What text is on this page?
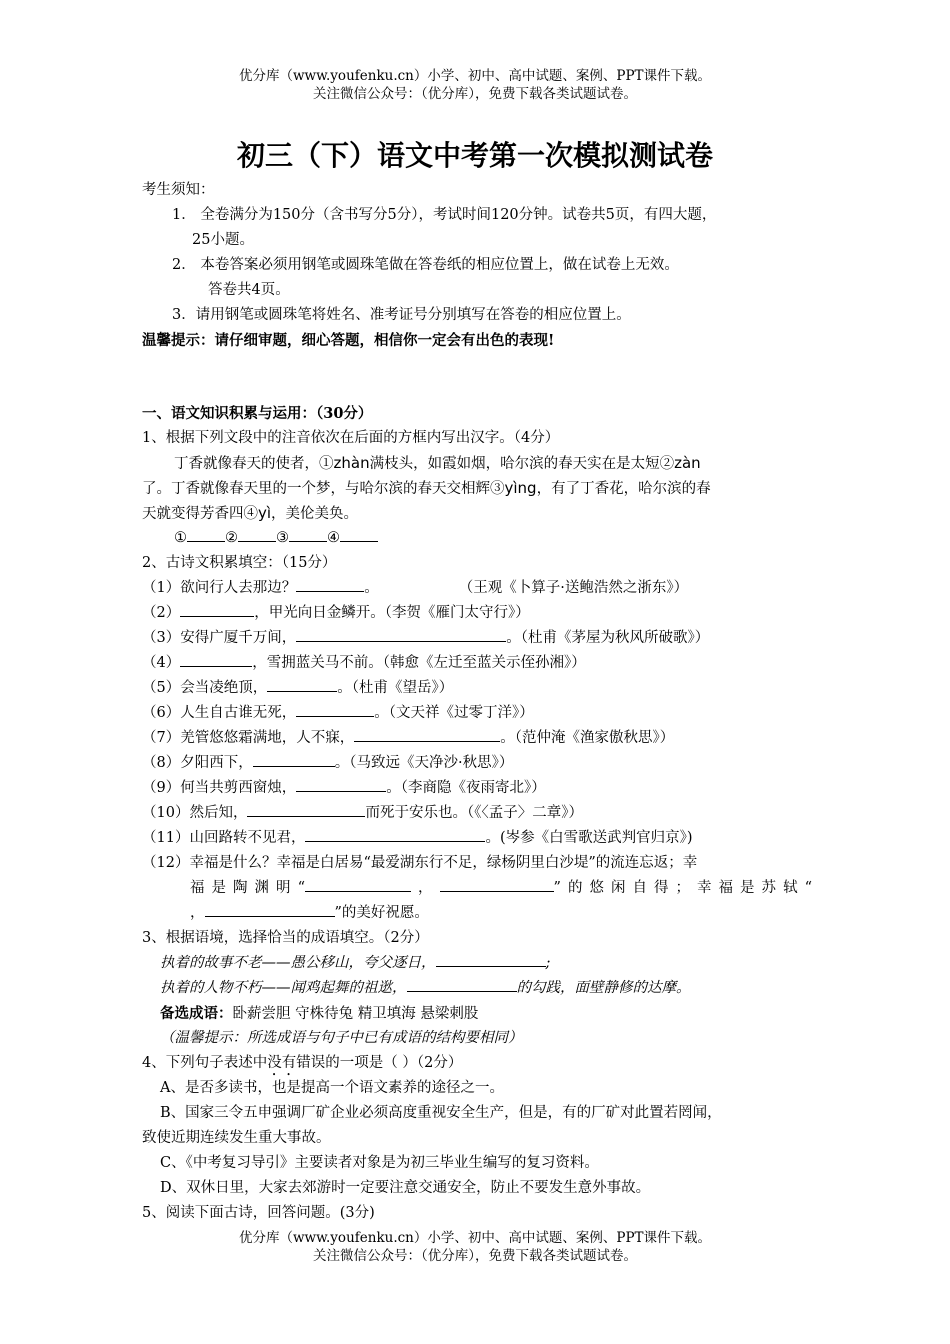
优分库（www.youfenku.cn）小学、初中、高中试题、案例、PPT课件下载。
关注微信公众号：（优分库），免费下载各类试题试卷。
初三（下）语文中考第一次模拟测试卷
考生须知：
1． 全卷满分为150分（含书写分5分），考试时间120分钟。试卷共5页，有四大题，
25小题。
2． 本卷答案必须用钢笔或圆珠笔做在答卷纸的相应位置上，做在试卷上无效。
答卷共4页。
3．请用钢笔或圆珠笔将姓名、准考证号分别填写在答卷的相应位置上。
温馨提示：请仔细审题，细心答题，相信你一定会有出色的表现!
一、语文知识积累与运用：（30分）
1、根据下列文段中的注音依次在后面的方框内写出汉字。（4分）
丁香就像春天的使者，①zhàn满枝头，如霞如烟，哈尔滨的春天实在是太短②zàn
了。丁香就像春天里的一个梦，与哈尔滨的春天交相辉③yìng，有了丁香花，哈尔滨的春
天就变得芳香四④yì，美伦美奂。
①	②	③	④
2、古诗文积累填空：（15分）
（1）欲问行人去那边？	。	（王观《卜算子·送鲍浩然之浙东》）
（2）	，甲光向日金鳞开。（李贺《雁门太守行》）
（3）安得广厦千万间，	。（杜甫《茅屋为秋风所破歌》）
（4）	，雪拥蓝关马不前。（韩愈《左迁至蓝关示侄孙湘》）
（5）会当凌绝顶，	。（杜甫《望岳》）
（6）人生自古谁无死，	。（文天祥《过零丁洋》）
（7）羌管悠悠霜满地，人不寐，	。（范仲淹《渔家傲秋思》）
（8）夕阳西下，	。（马致远《天净沙·秋思》）
（9）何当共剪西窗烛，	。（李商隐《夜雨寄北》）
（10）然后知，	而死于安乐也。（《〈孟子〉二章》）
（11）山回路转不见君，	。(岑参《白雪歌送武判官归京》)
（12）幸福是什么？幸福是白居易“最爱湖东行不足，绿杨阴里白沙堤”的流连忘返；幸
福是陶渊明“	，	”的悠闲自得；幸福是苏轼“
，	”的美好祝愿。
3、根据语境，选择恰当的成语填空。（2分）
执着的故事不老——愚公移山，夸父逐日，	;
执着的人物不朽——闻鸡起舞的祖逖，	的勾践，面壁静修的达摩。
备选成语：卧薪尝胆 守株待兔 精卫填海 悬梁刺股
（温馨提示：所选成语与句子中已有成语的结构要相同）
4、下列句子表述中没有错误的一项是（ ）（2分）
A、是否多读书，也是提高一个语文素养的途径之一。
B、国家三令五申强调厂矿企业必须高度重视安全生产，但是，有的厂矿对此置若罔闻，
致使近期连续发生重大事故。
C、《中考复习导引》主要读者对象是为初三毕业生编写的复习资料。
D、双休日里，大家去郊游时一定要注意交通安全，防止不要发生意外事故。
5、阅读下面古诗，回答问题。(3分)
优分库（www.youfenku.cn）小学、初中、高中试题、案例、PPT课件下载。
关注微信公众号：（优分库），免费下载各类试题试卷。
